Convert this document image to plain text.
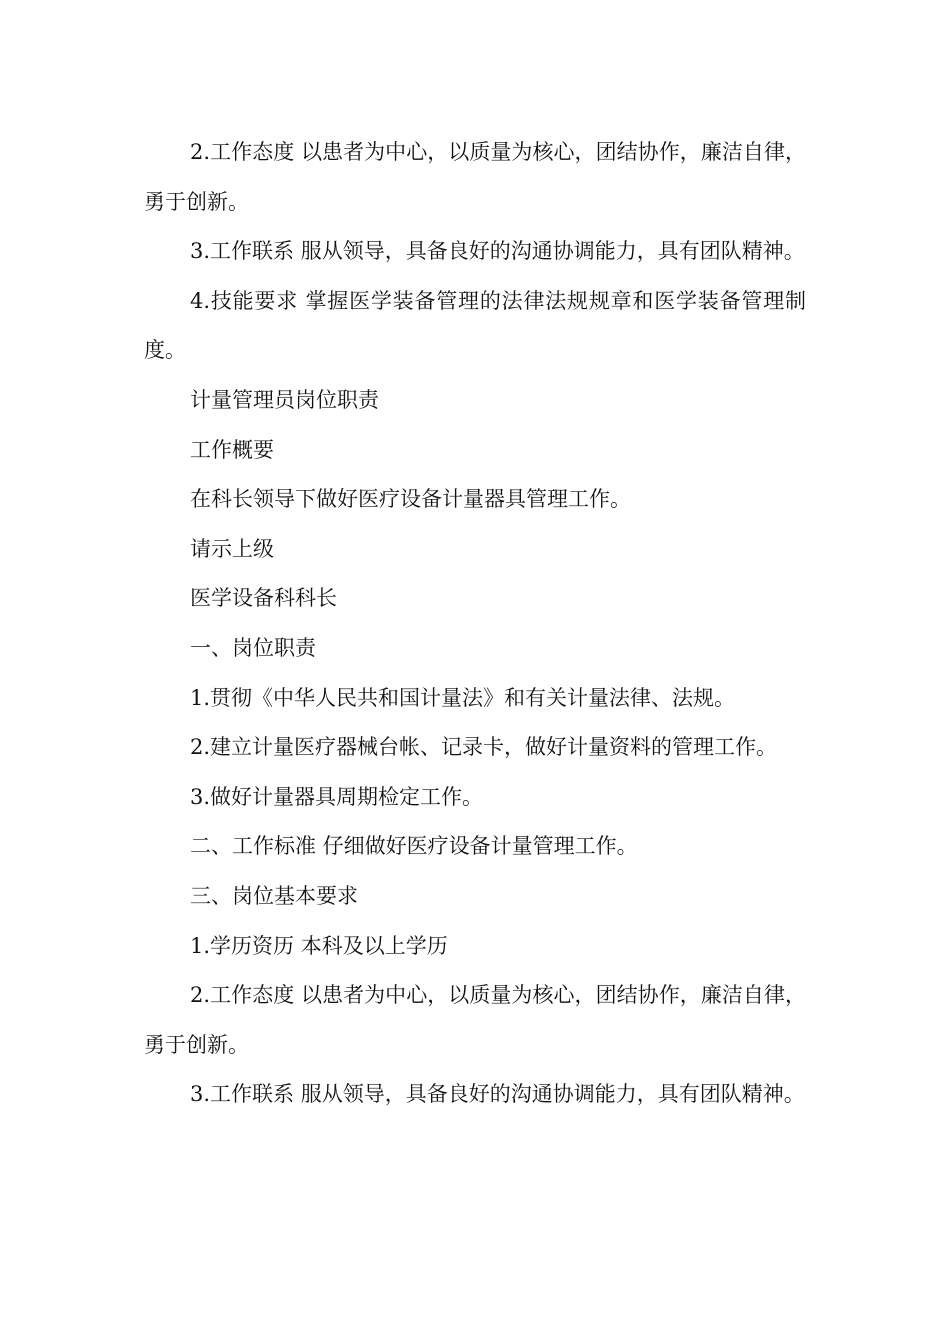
2.工作态度 以患者为中心，以质量为核心，团结协作，廉洁自律，勇于创新。

3.工作联系 服从领导，具备良好的沟通协调能力，具有团队精神。

4.技能要求 掌握医学装备管理的法律法规规章和医学装备管理制度。

计量管理员岗位职责

工作概要

在科长领导下做好医疗设备计量器具管理工作。

请示上级

医学设备科科长

一、岗位职责

1.贯彻《中华人民共和国计量法》和有关计量法律、法规。

2.建立计量医疗器械台帐、记录卡，做好计量资料的管理工作。

3.做好计量器具周期检定工作。

二、工作标准 仔细做好医疗设备计量管理工作。

三、岗位基本要求

1.学历资历 本科及以上学历

2.工作态度 以患者为中心，以质量为核心，团结协作，廉洁自律，勇于创新。

3.工作联系 服从领导，具备良好的沟通协调能力，具有团队精神。
